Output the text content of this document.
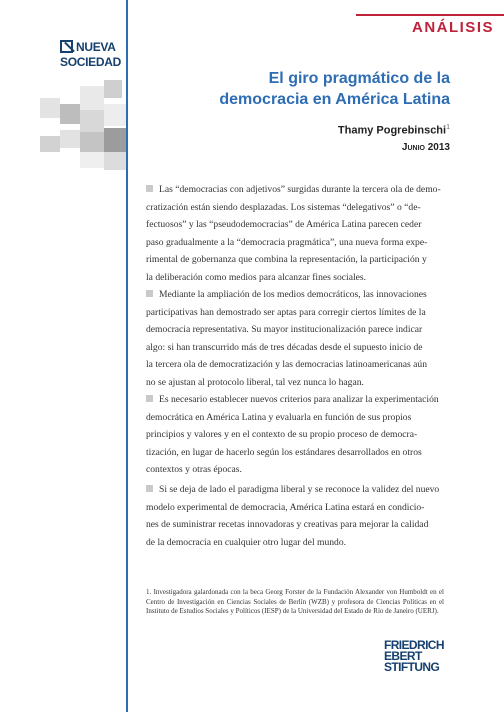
ANÁLISIS
NUEVA
SOCIEDAD
El giro pragmático de la
democracia en América Latina
Thamy Pogrebinschi$^1$
Junio 2013
Las “democracias con adjetivos” surgidas durante la tercera ola de demo-
cratización están siendo desplazadas. Los sistemas “delegativos” o “de-
fectuosos” y las “pseudodemocracias” de América Latina parecen ceder
paso gradualmente a la “democracia pragmática”, una nueva forma expe-
rimental de gobernanza que combina la representación, la participación y
la deliberación como medios para alcanzar fines sociales.
Mediante la ampliación de los medios democráticos, las innovaciones
participativas han demostrado ser aptas para corregir ciertos límites de la
democracia representativa. Su mayor institucionalización parece indicar
algo: si han transcurrido más de tres décadas desde el supuesto inicio de
la tercera ola de democratización y las democracias latinoamericanas aún
no se ajustan al protocolo liberal, tal vez nunca lo hagan.
Es necesario establecer nuevos criterios para analizar la experimentación
democrática en América Latina y evaluarla en función de sus propios
principios y valores y en el contexto de su propio proceso de democra-
tización, en lugar de hacerlo según los estándares desarrollados en otros
contextos y otras épocas.
Si se deja de lado el paradigma liberal y se reconoce la validez del nuevo
modelo experimental de democracia, América Latina estará en condicio-
nes de suministrar recetas innovadoras y creativas para mejorar la calidad
de la democracia en cualquier otro lugar del mundo.
1. Investigadora galardonada con la beca Georg Forster de la Fundación Alexander von Humboldt en el Centro de Investigación en Ciencias Sociales de Berlín (WZB) y profesora de Ciencias Políticas en el Instituto de Estudios Sociales y Políticos (IESP) de la Universidad del Estado de Río de Janeiro (UERJ).
FRIEDRICH
EBERT
STIFTUNG
